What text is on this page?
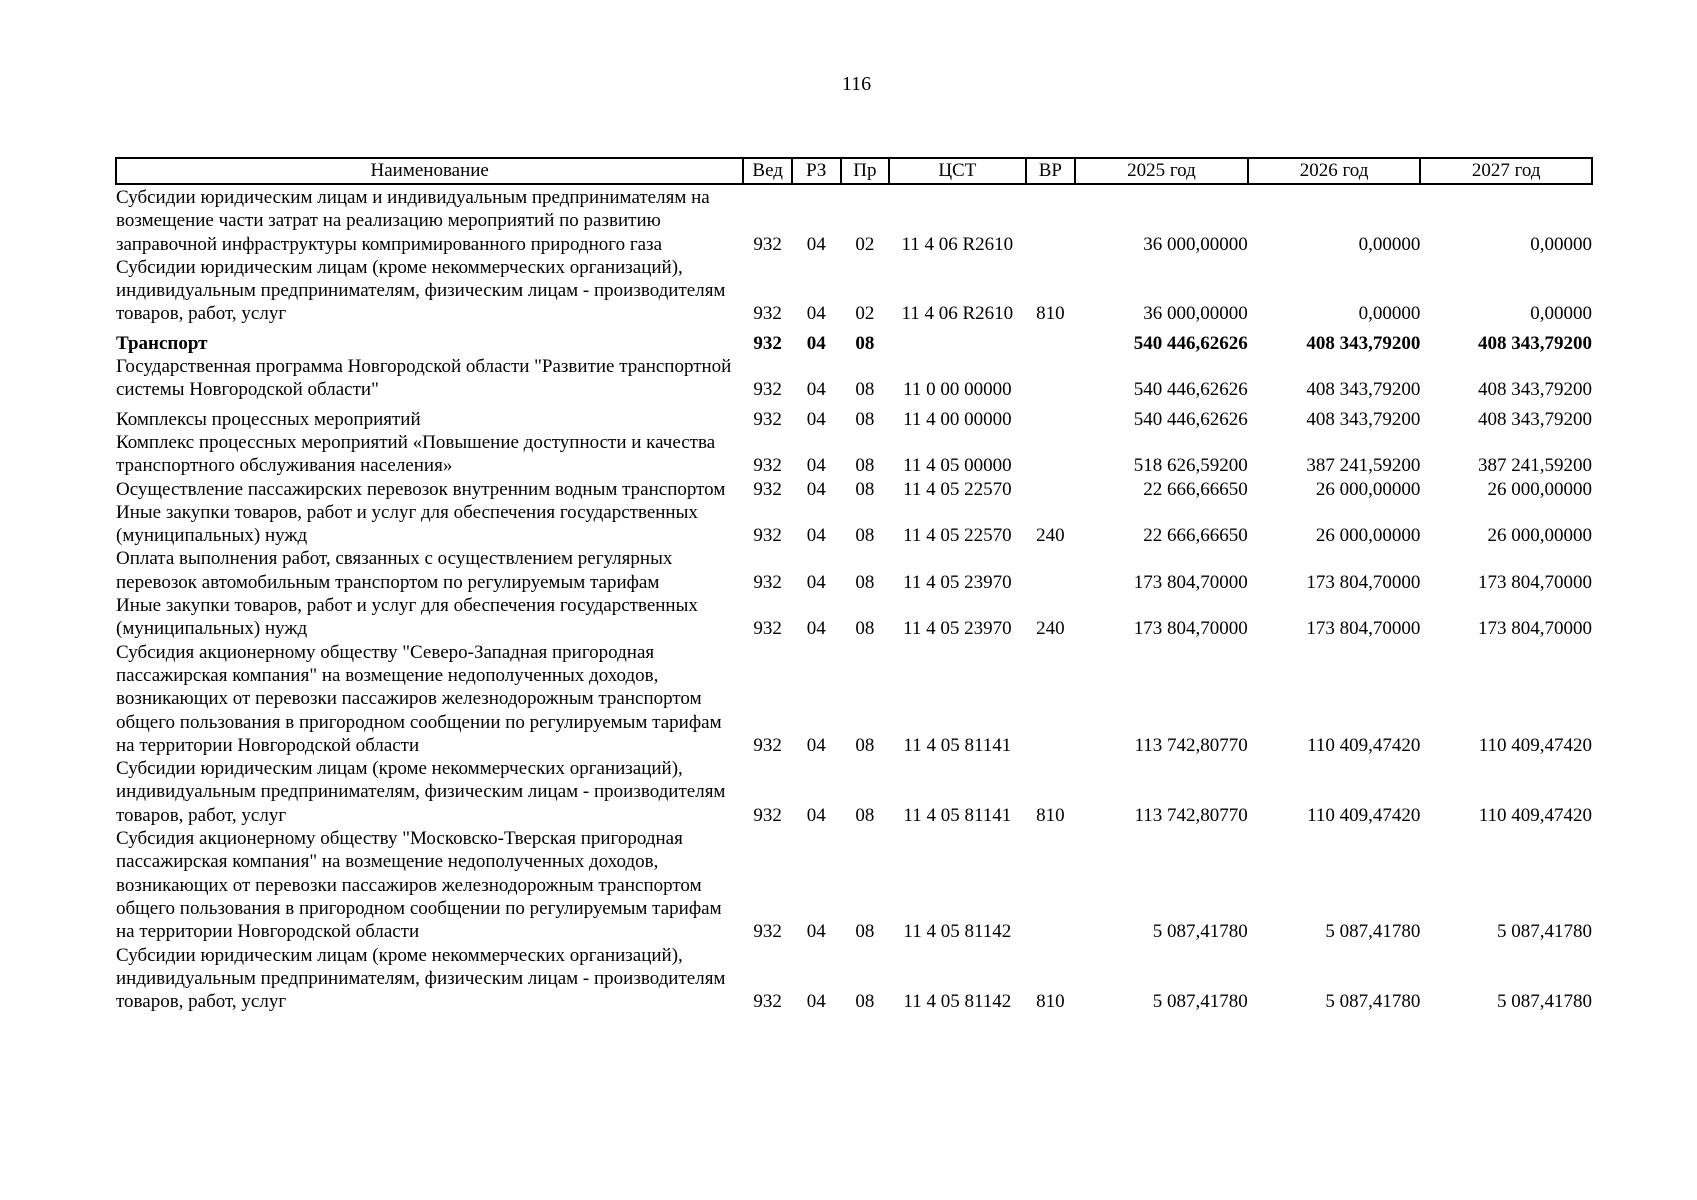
116
Наименование	Вед	РЗ	Пр	ЦСТ	ВР	2025 год	2026 год	2027 год
Субсидии юридическим лицам и индивидуальным предпринимателям на возмещение части затрат на реализацию мероприятий по развитию заправочной инфраструктуры компримированного природного газа	932	04	02	11 4 06 R2610		36 000,00000	0,00000	0,00000
Субсидии юридическим лицам (кроме некоммерческих организаций), индивидуальным предпринимателям, физическим лицам - производителям товаров, работ, услуг	932	04	02	11 4 06 R2610	810	36 000,00000	0,00000	0,00000
Транспорт	932	04	08			540 446,62626	408 343,79200	408 343,79200
Государственная программа Новгородской области "Развитие транспортной системы Новгородской области"	932	04	08	11 0 00 00000		540 446,62626	408 343,79200	408 343,79200
Комплексы процессных мероприятий	932	04	08	11 4 00 00000		540 446,62626	408 343,79200	408 343,79200
Комплекс процессных мероприятий «Повышение доступности и качества транспортного обслуживания населения»	932	04	08	11 4 05 00000		518 626,59200	387 241,59200	387 241,59200
Осуществление пассажирских перевозок внутренним водным транспортом	932	04	08	11 4 05 22570		22 666,66650	26 000,00000	26 000,00000
Иные закупки товаров, работ и услуг для обеспечения государственных (муниципальных) нужд	932	04	08	11 4 05 22570	240	22 666,66650	26 000,00000	26 000,00000
Оплата выполнения работ, связанных с осуществлением регулярных перевозок автомобильным транспортом по регулируемым тарифам	932	04	08	11 4 05 23970		173 804,70000	173 804,70000	173 804,70000
Иные закупки товаров, работ и услуг для обеспечения государственных (муниципальных) нужд	932	04	08	11 4 05 23970	240	173 804,70000	173 804,70000	173 804,70000
Субсидия акционерному обществу "Северо-Западная пригородная пассажирская компания" на возмещение недополученных доходов, возникающих от перевозки пассажиров железнодорожным транспортом общего пользования в пригородном сообщении по регулируемым тарифам на территории Новгородской области	932	04	08	11 4 05 81141		113 742,80770	110 409,47420	110 409,47420
Субсидии юридическим лицам (кроме некоммерческих организаций), индивидуальным предпринимателям, физическим лицам - производителям товаров, работ, услуг	932	04	08	11 4 05 81141	810	113 742,80770	110 409,47420	110 409,47420
Субсидия акционерному обществу "Московско-Тверская пригородная пассажирская компания" на возмещение недополученных доходов, возникающих от перевозки пассажиров железнодорожным транспортом общего пользования в пригородном сообщении по регулируемым тарифам на территории Новгородской области	932	04	08	11 4 05 81142		5 087,41780	5 087,41780	5 087,41780
Субсидии юридическим лицам (кроме некоммерческих организаций), индивидуальным предпринимателям, физическим лицам - производителям товаров, работ, услуг	932	04	08	11 4 05 81142	810	5 087,41780	5 087,41780	5 087,41780
